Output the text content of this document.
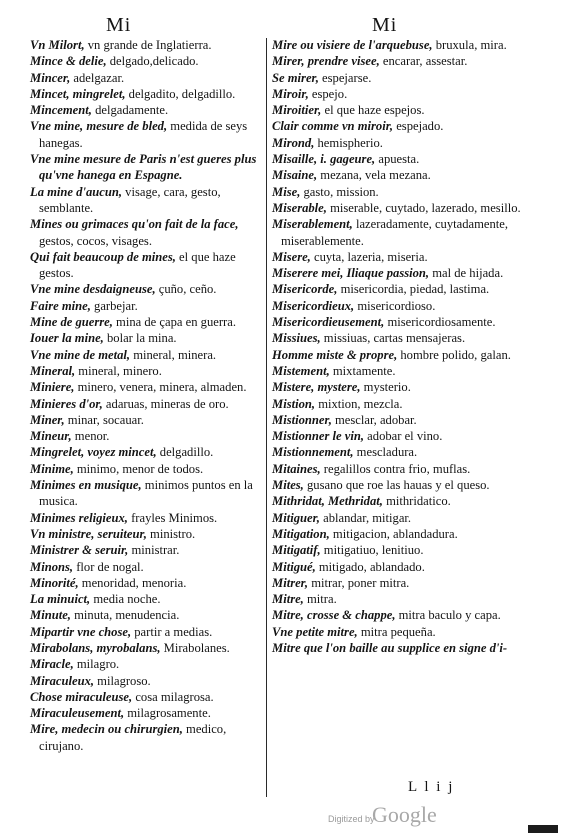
Mi	Mi
Vn Milort, vn grande de Inglatierra.
Mince & delie, delgado,delicado.
Mincer, adelgazar.
Mincet, mingrelet, delgadito, delgadillo.
Mincement, delgadamente.
Vne mine, mesure de bled, medida de seys hanegas.
Vne mine mesure de Paris n'est gueres plus qu'vne hanega en Espagne.
La mine d'aucun, visage, cara, gesto, semblante.
Mines ou grimaces qu'on fait de la face, gestos, cocos, visages.
Qui fait beaucoup de mines, el que haze gestos.
Vne mine desdaigneuse, çuño, ceño.
Faire mine, garbejar.
Mine de guerre, mina de çapa en guerra.
Iouer la mine, bolar la mina.
Vne mine de metal, mineral, minera.
Mineral, mineral, minero.
Miniere, minero, venera, minera, almaden.
Minieres d'or, adaruas, mineras de oro.
Miner, minar, socauar.
Mineur, menor.
Mingrelet, voyez mincet, delgadillo.
Minime, minimo, menor de todos.
Minimes en musique, minimos puntos en la musica.
Minimes religieux, frayles Minimos.
Vn ministre, seruiteur, ministro.
Ministrer & seruir, ministrar.
Minons, flor de nogal.
Minorité, menoridad, menoria.
La minuict, media noche.
Minute, minuta, menudencia.
Mipartir vne chose, partir a medias.
Mirabolans, myrobalans, Mirabolanes.
Miracle, milagro.
Miraculeux, milagroso.
Chose miraculeuse, cosa milagrosa.
Miraculeusement, milagrosamente.
Mire, medecin ou chirurgien, medico, cirujano.
Mire ou visiere de l'arquebuse, bruxula, mira.
Mirer, prendre visee, encarar, assestar.
Se mirer, espejarse.
Miroir, espejo.
Miroitier, el que haze espejos.
Clair comme vn miroir, espejado.
Mirond, hemispherio.
Misaille, i. gageure, apuesta.
Misaine, mezana, vela mezana.
Mise, gasto, mission.
Miserable, miserable, cuytado, lazerado, mesillo.
Miserablement, lazeradamente, cuytadamente, miserablemente.
Misere, cuyta, lazeria, miseria.
Miserere mei, Iliaque passion, mal de hijada.
Misericorde, misericordia, piedad, lastima.
Misericordieux, misericordioso.
Misericordieusement, misericordiosamente.
Missiues, missiuas, cartas mensajeras.
Homme miste & propre, hombre polido, galan.
Mistement, mixtamente.
Mistere, mystere, mysterio.
Mistion, mixtion, mezcla.
Mistionner, mesclar, adobar.
Mistionner le vin, adobar el vino.
Mistionnement, mescladura.
Mitaines, regalillos contra frio, muflas.
Mites, gusano que roe las hauas y el queso.
Mithridat, Methridat, mithridatico.
Mitiguer, ablandar, mitigar.
Mitigation, mitigacion, ablandadura.
Mitigatif, mitigatiuo, lenitiuo.
Mitigué, mitigado, ablandado.
Mitrer, mitrar, poner mitra.
Mitre, mitra.
Mitre, crosse & chappe, mitra baculo y capa.
Vne petite mitre, mitra pequeña.
Mitre que l'on baille au supplice en signe d'i-
L l i j
Digitized by
Google
